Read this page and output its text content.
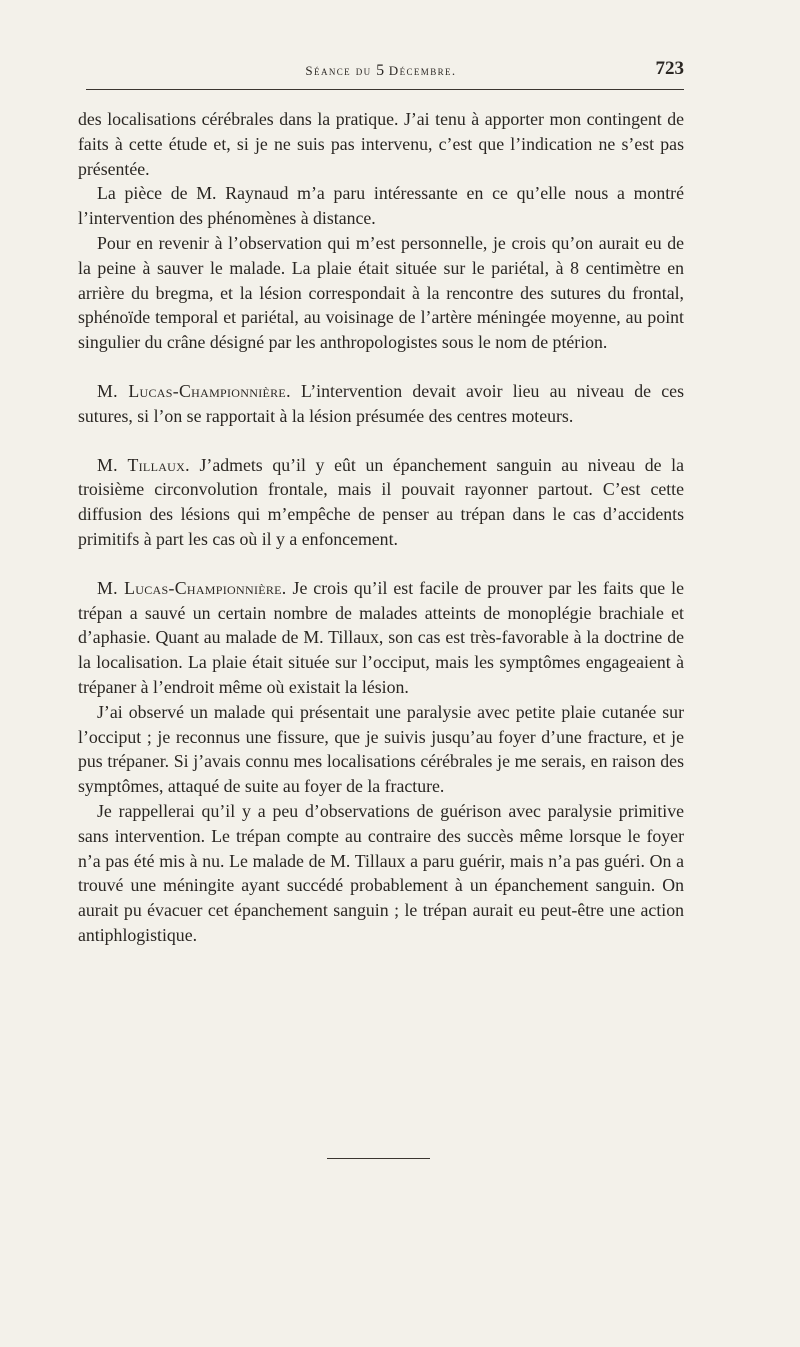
Séance du 5 Décembre.	723

des localisations cérébrales dans la pratique. J’ai tenu à apporter mon contingent de faits à cette étude et, si je ne suis pas intervenu, c’est que l’indication ne s’est pas présentée.

La pièce de M. Raynaud m’a paru intéressante en ce qu’elle nous a montré l’intervention des phénomènes à distance.

Pour en revenir à l’observation qui m’est personnelle, je crois qu’on aurait eu de la peine à sauver le malade. La plaie était située sur le pariétal, à 8 centimètre en arrière du bregma, et la lésion correspondait à la rencontre des sutures du frontal, sphénoïde temporal et pariétal, au voisinage de l’artère méningée moyenne, au point singulier du crâne désigné par les anthropologistes sous le nom de ptérion.

M. Lucas-Championnière. L’intervention devait avoir lieu au niveau de ces sutures, si l’on se rapportait à la lésion présumée des centres moteurs.

M. Tillaux. J’admets qu’il y eût un épanchement sanguin au niveau de la troisième circonvolution frontale, mais il pouvait rayonner partout. C’est cette diffusion des lésions qui m’empêche de penser au trépan dans le cas d’accidents primitifs à part les cas où il y a enfoncement.

M. Lucas-Championnière. Je crois qu’il est facile de prouver par les faits que le trépan a sauvé un certain nombre de malades atteints de monoplégie brachiale et d’aphasie. Quant au malade de M. Tillaux, son cas est très-favorable à la doctrine de la localisation. La plaie était située sur l’occiput, mais les symptômes engageaient à trépaner à l’endroit même où existait la lésion.

J’ai observé un malade qui présentait une paralysie avec petite plaie cutanée sur l’occiput ; je reconnus une fissure, que je suivis jusqu’au foyer d’une fracture, et je pus trépaner. Si j’avais connu mes localisations cérébrales je me serais, en raison des symptômes, attaqué de suite au foyer de la fracture.

Je rappellerai qu’il y a peu d’observations de guérison avec paralysie primitive sans intervention. Le trépan compte au contraire des succès même lorsque le foyer n’a pas été mis à nu. Le malade de M. Tillaux a paru guérir, mais n’a pas guéri. On a trouvé une méningite ayant succédé probablement à un épanchement sanguin. On aurait pu évacuer cet épanchement sanguin ; le trépan aurait eu peut-être une action antiphlogistique.
